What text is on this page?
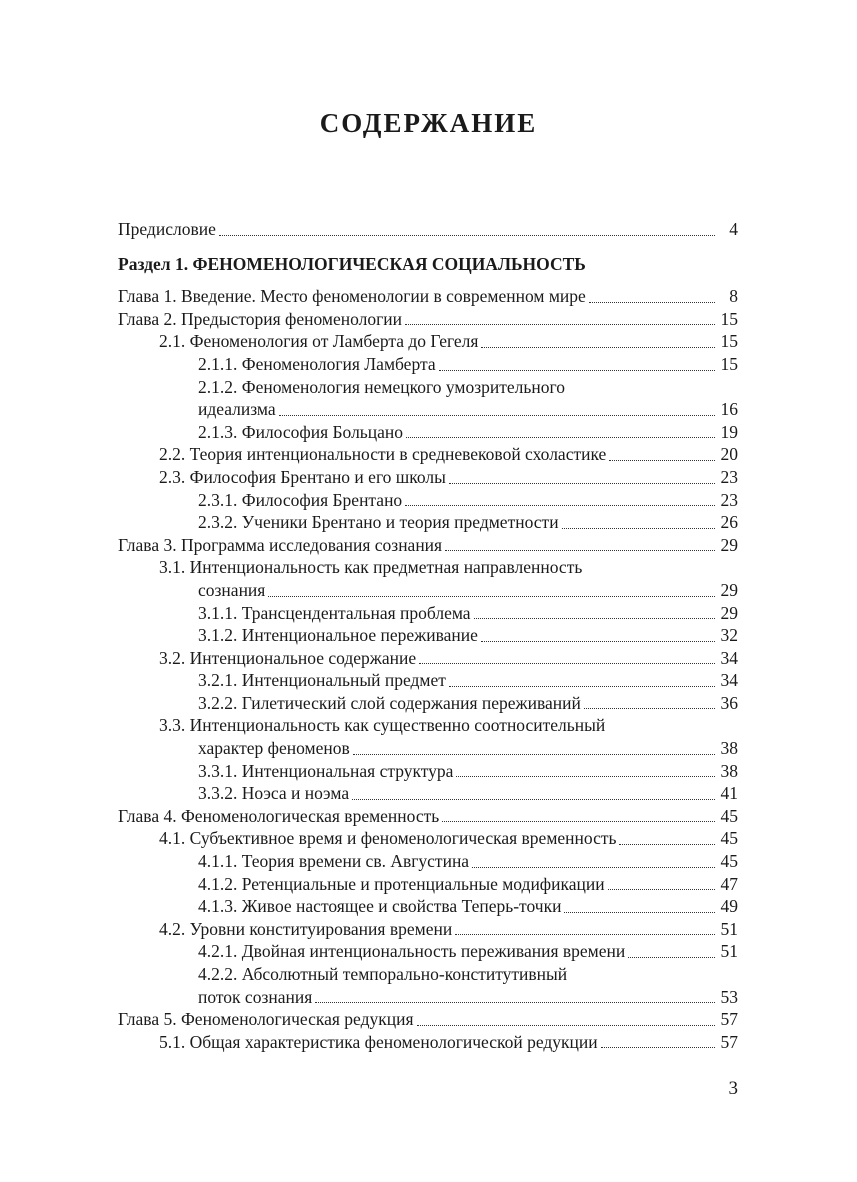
СОДЕРЖАНИЕ
Предисловие	4
Раздел 1. ФЕНОМЕНОЛОГИЧЕСКАЯ СОЦИАЛЬНОСТЬ
Глава 1. Введение. Место феноменологии в современном мире	8
Глава 2. Предыстория феноменологии	15
2.1. Феноменология от Ламберта до Гегеля	15
2.1.1. Феноменология Ламберта	15
2.1.2. Феноменология немецкого умозрительного
идеализма	16
2.1.3. Философия Больцано	19
2.2. Теория интенциональности в средневековой схоластике	20
2.3. Философия Брентано и его школы	23
2.3.1. Философия Брентано	23
2.3.2. Ученики Брентано и теория предметности	26
Глава 3. Программа исследования сознания	29
3.1. Интенциональность как предметная направленность
сознания	29
3.1.1. Трансцендентальная проблема	29
3.1.2. Интенциональное переживание	32
3.2. Интенциональное содержание	34
3.2.1. Интенциональный предмет	34
3.2.2. Гилетический слой содержания переживаний	36
3.3. Интенциональность как существенно соотносительный
характер феноменов	38
3.3.1. Интенциональная структура	38
3.3.2. Ноэса и ноэма	41
Глава 4. Феноменологическая временность	45
4.1. Субъективное время и феноменологическая временность	45
4.1.1. Теория времени св. Августина	45
4.1.2. Ретенциальные и протенциальные модификации	47
4.1.3. Живое настоящее и свойства Теперь-точки	49
4.2. Уровни конституирования времени	51
4.2.1. Двойная интенциональность переживания времени	51
4.2.2. Абсолютный темпорально-конститутивный
поток сознания	53
Глава 5. Феноменологическая редукция	57
5.1. Общая характеристика феноменологической редукции	57
3
